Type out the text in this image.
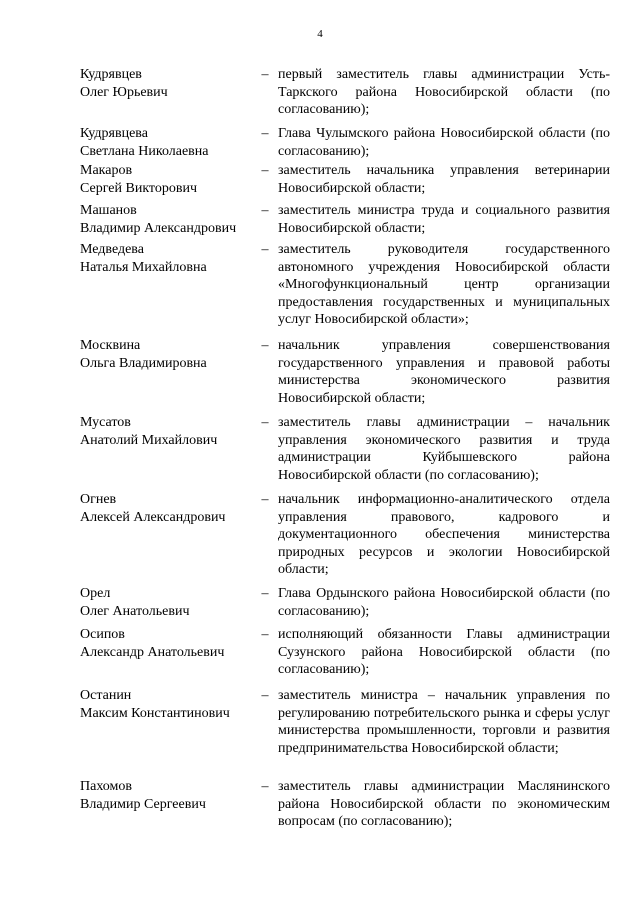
4
Кудрявцев
Олег Юрьевич
– первый заместитель главы администрации Усть-Таркского района Новосибирской области (по согласованию);
Кудрявцева
Светлана Николаевна
– Глава Чулымского района Новосибирской области (по согласованию);
Макаров
Сергей Викторович
– заместитель начальника управления ветеринарии Новосибирской области;
Машанов
Владимир Александрович
– заместитель министра труда и социального развития Новосибирской области;
Медведева
Наталья Михайловна
– заместитель руководителя государственного автономного учреждения Новосибирской области «Многофункциональный центр организации предоставления государственных и муниципальных услуг Новосибирской области»;
Москвина
Ольга Владимировна
– начальник управления совершенствования государственного управления и правовой работы министерства экономического развития Новосибирской области;
Мусатов
Анатолий Михайлович
– заместитель главы администрации – начальник управления экономического развития и труда администрации Куйбышевского района Новосибирской области (по согласованию);
Огнев
Алексей Александрович
– начальник информационно-аналитического отдела управления правового, кадрового и документационного обеспечения министерства природных ресурсов и экологии Новосибирской области;
Орел
Олег Анатольевич
– Глава Ордынского района Новосибирской области (по согласованию);
Осипов
Александр Анатольевич
– исполняющий обязанности Главы администрации Сузунского района Новосибирской области (по согласованию);
Останин
Максим Константинович
– заместитель министра – начальник управления по регулированию потребительского рынка и сферы услуг министерства промышленности, торговли и развития предпринимательства Новосибирской области;
Пахомов
Владимир Сергеевич
– заместитель главы администрации Маслянинского района Новосибирской области по экономическим вопросам (по согласованию);
